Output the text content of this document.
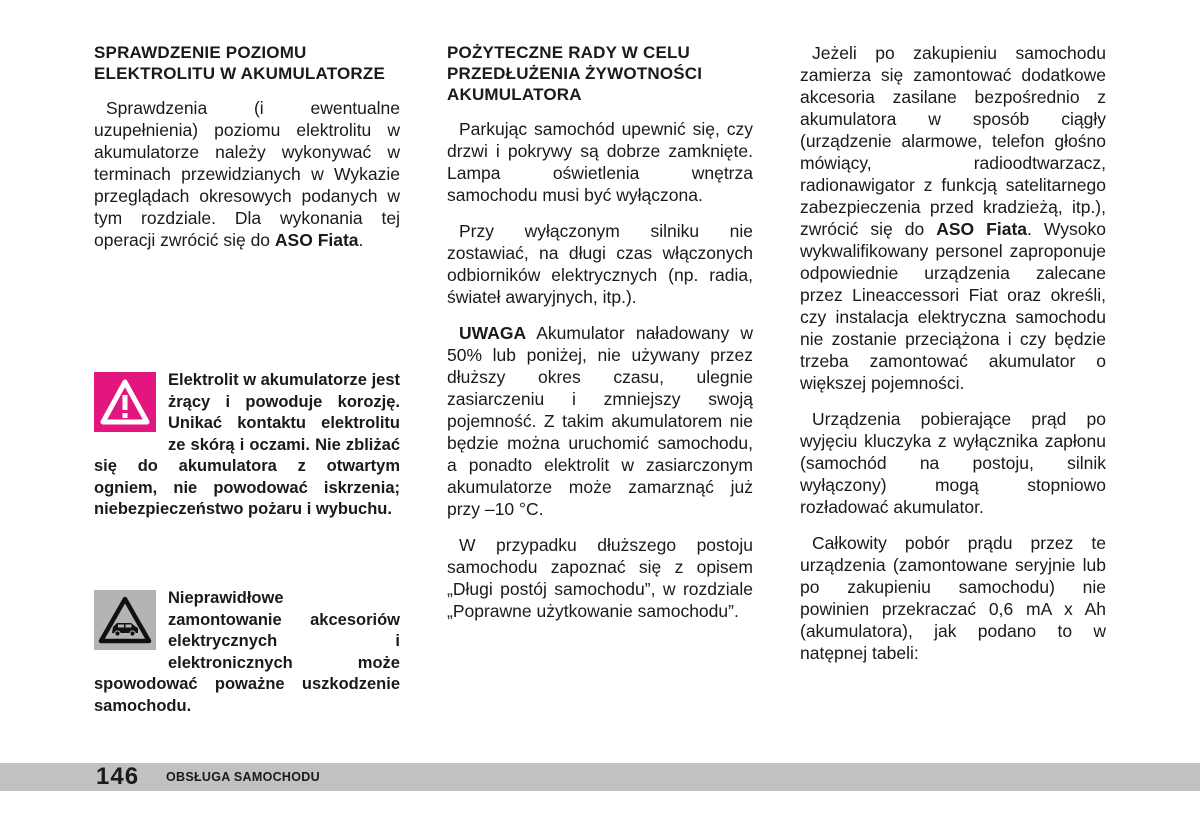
SPRAWDZENIE POZIOMU ELEKTROLITU W AKUMULATORZE

Sprawdzenia (i ewentualne uzupełnienia) poziomu elektrolitu w akumulatorze należy wykonywać w terminach przewidzianych w Wykazie przeglądach okresowych podanych w tym rozdziale. Dla wykonania tej operacji zwrócić się do ASO Fiata.

Elektrolit w akumulatorze jest żrący i powoduje korozję. Unikać kontaktu elektrolitu ze skórą i oczami. Nie zbliżać się do akumulatora z otwartym ogniem, nie powodować iskrzenia; niebezpieczeństwo pożaru i wybuchu.
Nieprawidłowe zamontowanie akcesoriów elektrycznych i elektronicznych może spowodować poważne uszkodzenie samochodu.
POŻYTECZNE RADY W CELU PRZEDŁUŻENIA ŻYWOTNOŚCI AKUMULATORA

Parkując samochód upewnić się, czy drzwi i pokrywy są dobrze zamknięte. Lampa oświetlenia wnętrza samochodu musi być wyłączona.

Przy wyłączonym silniku nie zostawiać, na długi czas włączonych odbiorników elektrycznych (np. radia, świateł awaryjnych, itp.).

UWAGA Akumulator naładowany w 50% lub poniżej, nie używany przez dłuższy okres czasu, ulegnie zasiarczeniu i zmniejszy swoją pojemność. Z takim akumulatorem nie będzie można uruchomić samochodu, a ponadto elektrolit w zasiarczonym akumulatorze może zamarznąć już przy –10 °C.

W przypadku dłuższego postoju samochodu zapoznać się z opisem „Długi postój samochodu”, w rozdziale „Poprawne użytkowanie samochodu”.

Jeżeli po zakupieniu samochodu zamierza się zamontować dodatkowe akcesoria zasilane bezpośrednio z akumulatora w sposób ciągły (urządzenie alarmowe, telefon głośno mówiący, radioodtwarzacz, radionawigator z funkcją satelitarnego zabezpieczenia przed kradzieżą, itp.), zwrócić się do ASO Fiata. Wysoko wykwalifikowany personel zaproponuje odpowiednie urządzenia zalecane przez Lineaccessori Fiat oraz określi, czy instalacja elektryczna samochodu nie zostanie przeciążona i czy będzie trzeba zamontować akumulator o większej pojemności.

Urządzenia pobierające prąd po wyjęciu kluczyka z wyłącznika zapłonu (samochód na postoju, silnik wyłączony) mogą stopniowo rozładować akumulator.

Całkowity pobór prądu przez te urządzenia (zamontowane seryjnie lub po zakupieniu samochodu) nie powinien przekraczać 0,6 mA x Ah (akumulatora), jak podano to w natępnej tabeli:

146 OBSŁUGA SAMOCHODU
